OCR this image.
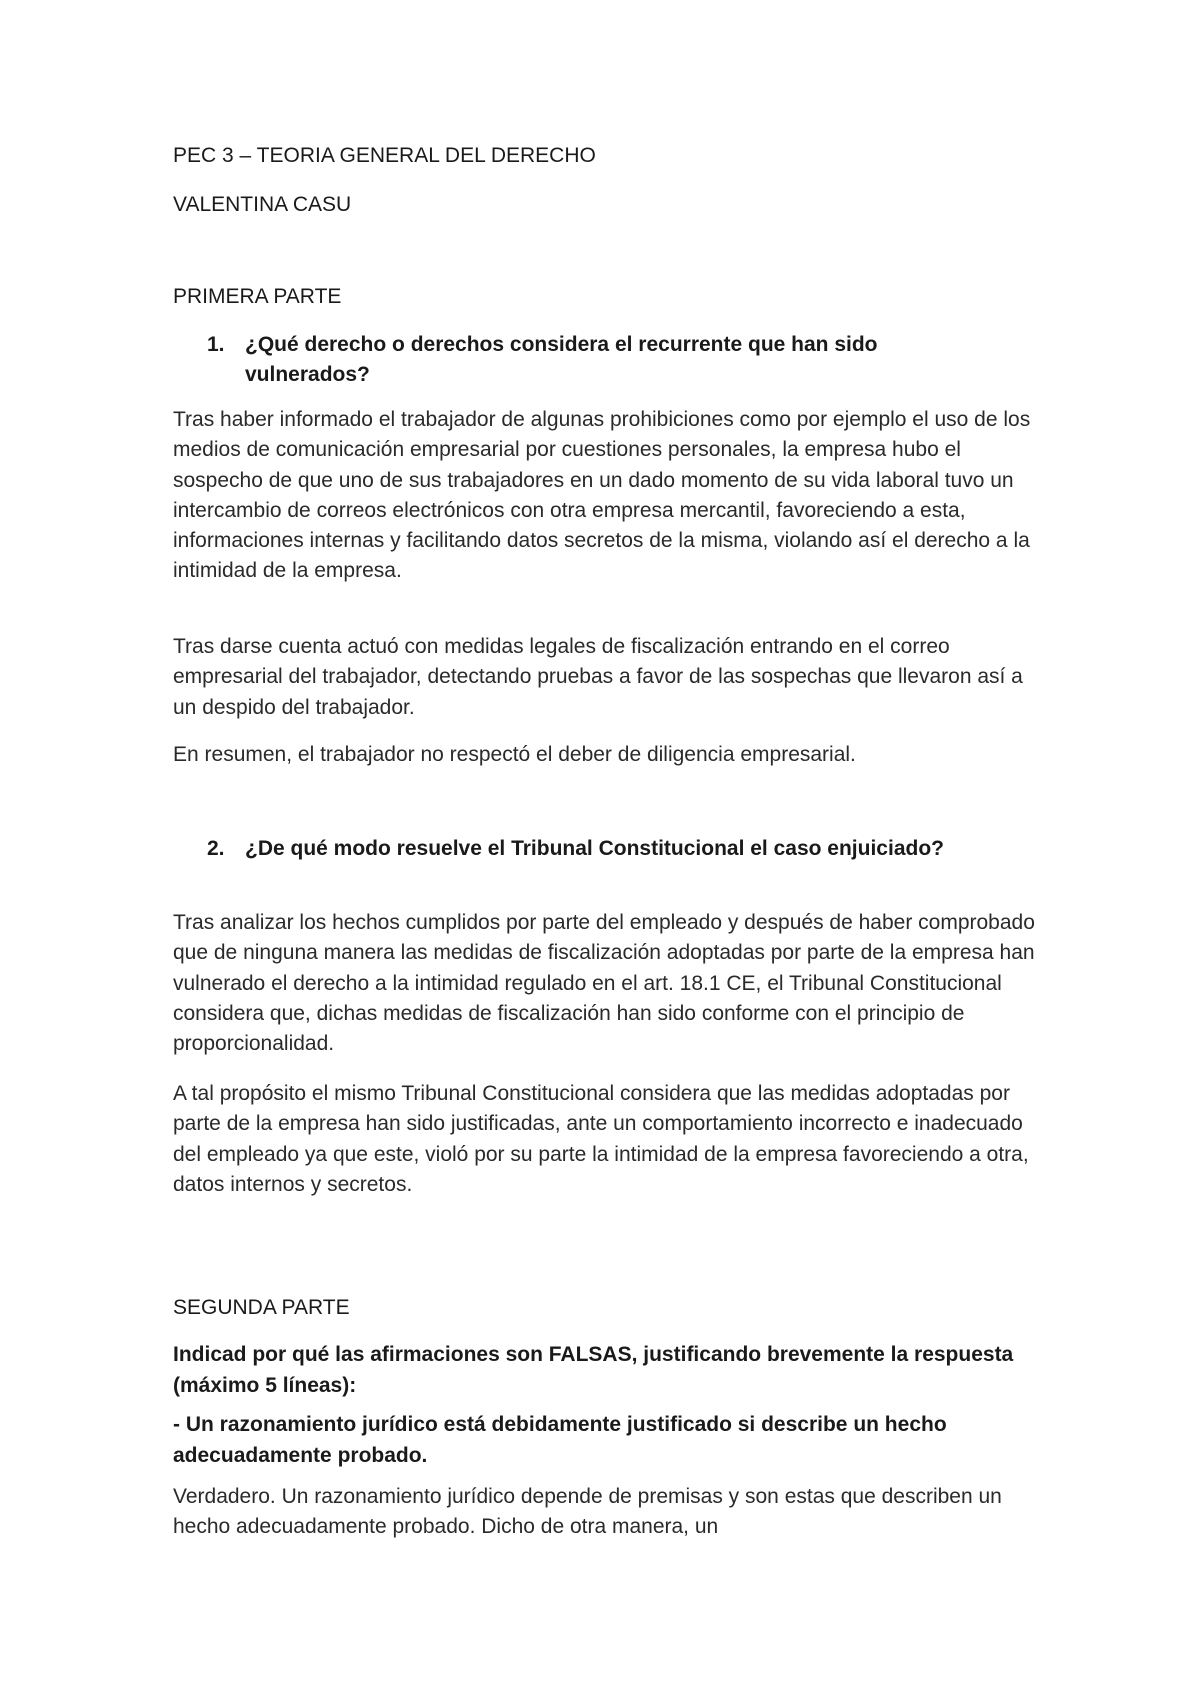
PEC 3 – TEORIA GENERAL DEL DERECHO
VALENTINA CASU
PRIMERA PARTE
1. ¿Qué derecho o derechos considera el recurrente que han sido vulnerados?

Tras haber informado el trabajador de algunas prohibiciones como por ejemplo el uso de los medios de comunicación empresarial por cuestiones personales, la empresa hubo el sospecho de que uno de sus trabajadores en un dado momento de su vida laboral tuvo un intercambio de correos electrónicos con otra empresa mercantil, favoreciendo a esta, informaciones internas y facilitando datos secretos de la misma, violando así el derecho a la intimidad de la empresa.

Tras darse cuenta actuó con medidas legales de fiscalización entrando en el correo empresarial del trabajador, detectando pruebas a favor de las sospechas que llevaron así a un despido del trabajador.

En resumen, el trabajador no respectó el deber de diligencia empresarial.

2. ¿De qué modo resuelve el Tribunal Constitucional el caso enjuiciado?

Tras analizar los hechos cumplidos por parte del empleado y después de haber comprobado que de ninguna manera las medidas de fiscalización adoptadas por parte de la empresa han vulnerado el derecho a la intimidad regulado en el art. 18.1 CE, el Tribunal Constitucional considera que, dichas medidas de fiscalización han sido conforme con el principio de proporcionalidad.

A tal propósito el mismo Tribunal Constitucional considera que las medidas adoptadas por parte de la empresa han sido justificadas, ante un comportamiento incorrecto e inadecuado del empleado ya que este, violó por su parte la intimidad de la empresa favoreciendo a otra, datos internos y secretos.

SEGUNDA PARTE

Indicad por qué las afirmaciones son FALSAS, justificando brevemente la respuesta (máximo 5 líneas):

- Un razonamiento jurídico está debidamente justificado si describe un hecho adecuadamente probado.

Verdadero. Un razonamiento jurídico depende de premisas y son estas que describen un hecho adecuadamente probado. Dicho de otra manera, un
